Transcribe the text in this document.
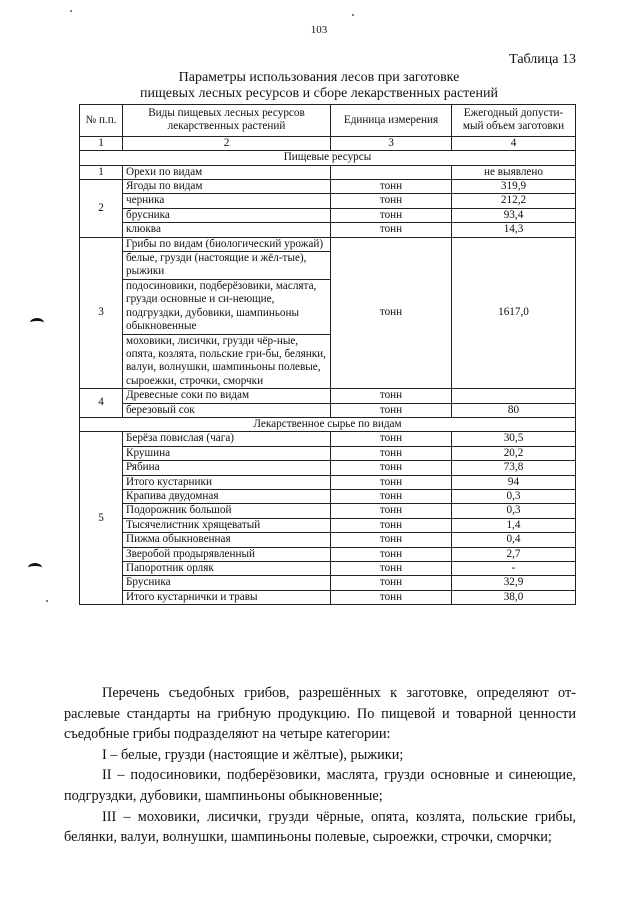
103
Таблица 13
Параметры использования лесов при заготовке
пищевых лесных ресурсов и сборе лекарственных растений
№ п.п.	Виды пищевых лесных ресурсов лекарственных растений	Единица измерения	Ежегодный допусти-мый объем заготовки
1	2	3	4
Пищевые ресурсы			
1	Орехи по видам		не выявлено
2	Ягоды по видам	тонн	319,9
	черника	тонн	212,2
	брусника	тонн	93,4
	клюква	тонн	14,3
3	Грибы по видам (биологический урожай)	тонн	1617,0
	белые, грузди (настоящие и жёл-тые), рыжики		
	подосиновики, подберёзовики, маслята, грузди основные и си-неющие, подгруздки, дубовики, шампиньоны обыкновенные		
	моховики, лисички, грузди чёр-ные, опята, козлята, польские гри-бы, белянки, валуи, волнушки, шампиньоны полевые, сыроежки, строчки, сморчки		
4	Древесные соки по видам	тонн	
	березовый сок	тонн	80
Лекарственное сырье по видам			
5	Берёза повислая (чага)	тонн	30,5
	Крушина	тонн	20,2
	Рябина	тонн	73,8
	Итого кустарники	тонн	94
	Крапива двудомная	тонн	0,3
	Подорожник большой	тонн	0,3
	Тысячелистник хрящеватый	тонн	1,4
	Пижма обыкновенная	тонн	0,4
	Зверобой продырявленный	тонн	2,7
	Папоротник орляк	тонн	-
	Брусника	тонн	32,9
	Итого кустарнички и травы	тонн	38,0

Перечень съедобных грибов, разрешённых к заготовке, определяют от-раслевые стандарты на грибную продукцию. По пищевой и товарной ценности съедобные грибы подразделяют на четыре категории:

I – белые, грузди (настоящие и жёлтые), рыжики;

II – подосиновики, подберёзовики, маслята, грузди основные и синеющие, подгруздки, дубовики, шампиньоны обыкновенные;

III – моховики, лисички, грузди чёрные, опята, козлята, польские грибы, белянки, валуи, волнушки, шампиньоны полевые, сыроежки, строчки, сморчки;
